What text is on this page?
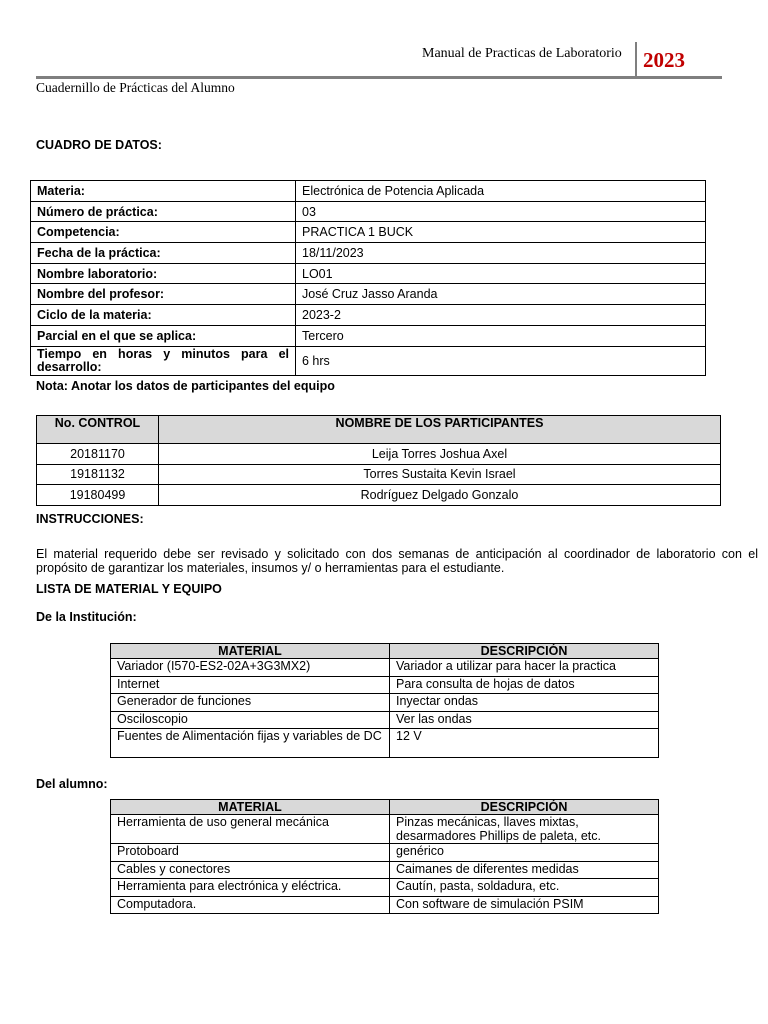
Manual de Practicas de Laboratorio 2023
Cuadernillo de Prácticas del Alumno
CUADRO DE DATOS:
Materia:	Electrónica de Potencia Aplicada
Número de práctica:	03
Competencia:	PRACTICA 1 BUCK
Fecha de la práctica:	18/11/2023
Nombre laboratorio:	LO01
Nombre del profesor:	José Cruz Jasso Aranda
Ciclo de la materia:	2023-2
Parcial en el que se aplica:	Tercero
Tiempo en horas y minutos para el desarrollo:	6 hrs
Nota: Anotar los datos de participantes del equipo
No. CONTROL	NOMBRE DE LOS PARTICIPANTES
20181170	Leija Torres Joshua Axel
19181132	Torres Sustaita Kevin Israel
19180499	Rodríguez Delgado Gonzalo
INSTRUCCIONES:
El material requerido debe ser revisado y solicitado con dos semanas de anticipación al coordinador de laboratorio con el propósito de garantizar los materiales, insumos y/ o herramientas para el estudiante.
LISTA DE MATERIAL Y EQUIPO
De la Institución:
MATERIAL	DESCRIPCIÓN
Variador (I570-ES2-02A+3G3MX2)	Variador a utilizar para hacer la practica
Internet	Para consulta de hojas de datos
Generador de funciones	Inyectar ondas
Osciloscopio	Ver las ondas
Fuentes de Alimentación fijas y variables de DC	12 V
Del alumno:
MATERIAL	DESCRIPCIÓN
Herramienta de uso general mecánica	Pinzas mecánicas, llaves mixtas, desarmadores Phillips de paleta, etc.
Protoboard	genérico
Cables y conectores	Caimanes de diferentes medidas
Herramienta para electrónica y eléctrica.	Cautín, pasta, soldadura, etc.
Computadora.	Con software de simulación PSIM
